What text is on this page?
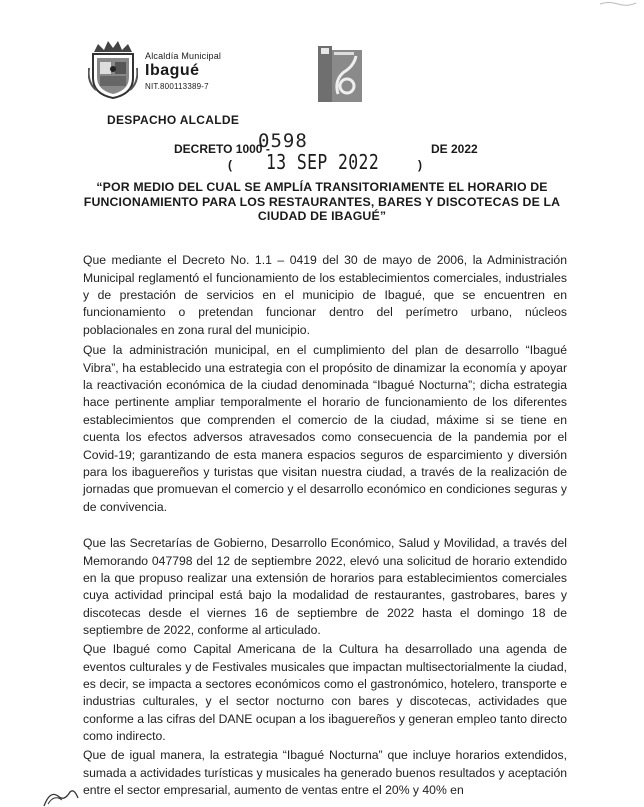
Alcaldía Municipal
Ibagué
NIT.800113389-7
DESPACHO ALCALDE
DECRETO 1000 -
0598	DE 2022
( 13 SEP 2022	)
“POR MEDIO DEL CUAL SE AMPLÍA TRANSITORIAMENTE EL HORARIO DE FUNCIONAMIENTO PARA LOS RESTAURANTES, BARES Y DISCOTECAS DE LA CIUDAD DE IBAGUÉ”

Que mediante el Decreto No. 1.1 – 0419 del 30 de mayo de 2006, la Administración Municipal reglamentó el funcionamiento de los establecimientos comerciales, industriales y de prestación de servicios en el municipio de Ibagué, que se encuentren en funcionamiento o pretendan funcionar dentro del perímetro urbano, núcleos poblacionales en zona rural del municipio.

Que la administración municipal, en el cumplimiento del plan de desarrollo “Ibagué Vibra”, ha establecido una estrategia con el propósito de dinamizar la economía y apoyar la reactivación económica de la ciudad denominada “Ibagué Nocturna”; dicha estrategia hace pertinente ampliar temporalmente el horario de funcionamiento de los diferentes establecimientos que comprenden el comercio de la ciudad, máxime si se tiene en cuenta los efectos adversos atravesados como consecuencia de la pandemia por el Covid-19; garantizando de esta manera espacios seguros de esparcimiento y diversión para los ibaguereños y turistas que visitan nuestra ciudad, a través de la realización de jornadas que promuevan el comercio y el desarrollo económico en condiciones seguras y de convivencia.

Que las Secretarías de Gobierno, Desarrollo Económico, Salud y Movilidad, a través del Memorando 047798 del 12 de septiembre 2022, elevó una solicitud de horario extendido en la que propuso realizar una extensión de horarios para establecimientos comerciales cuya actividad principal está bajo la modalidad de restaurantes, gastrobares, bares y discotecas desde el viernes 16 de septiembre de 2022 hasta el domingo 18 de septiembre de 2022, conforme al articulado.

Que Ibagué como Capital Americana de la Cultura ha desarrollado una agenda de eventos culturales y de Festivales musicales que impactan multisectorialmente la ciudad, es decir, se impacta a sectores económicos como el gastronómico, hotelero, transporte e industrias culturales, y el sector nocturno con bares y discotecas, actividades que conforme a las cifras del DANE ocupan a los ibaguereños y generan empleo tanto directo como indirecto.

Que de igual manera, la estrategia “Ibagué Nocturna” que incluye horarios extendidos, sumada a actividades turísticas y musicales ha generado buenos resultados y aceptación entre el sector empresarial, aumento de ventas entre el 20% y 40% en
